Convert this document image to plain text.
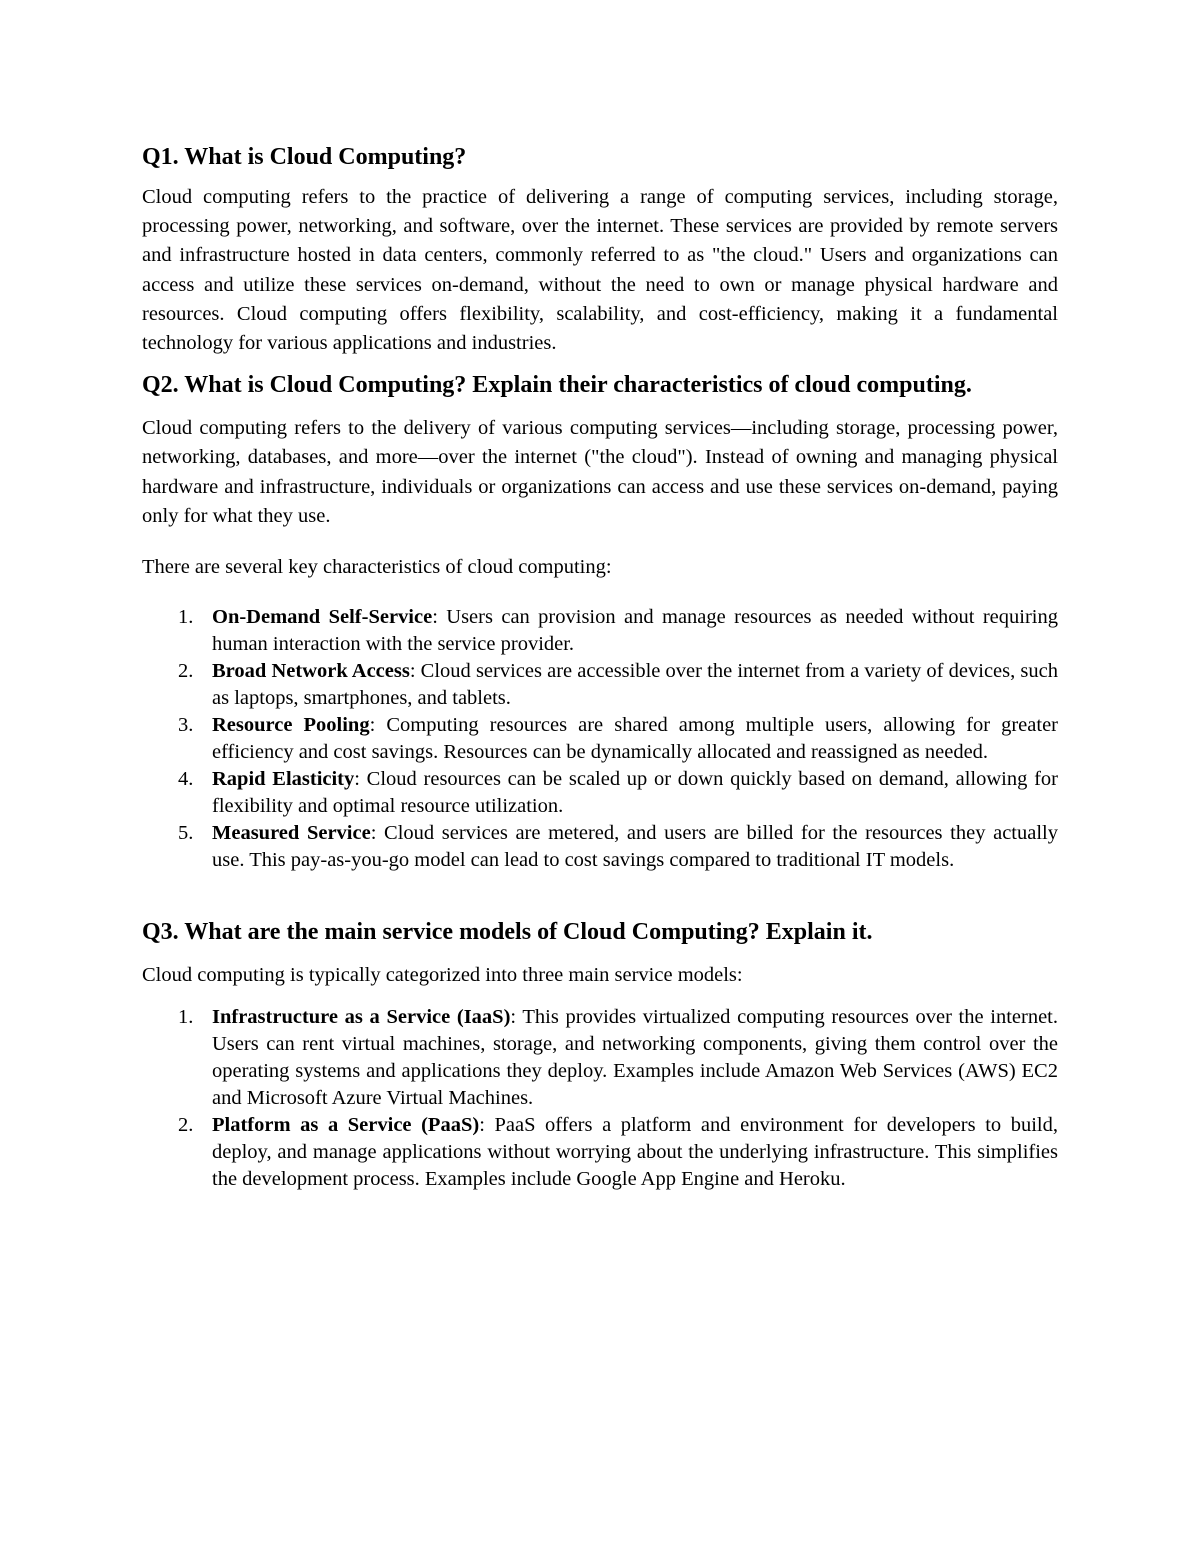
Q1. What is Cloud Computing?

Cloud computing refers to the practice of delivering a range of computing services, including storage, processing power, networking, and software, over the internet. These services are provided by remote servers and infrastructure hosted in data centers, commonly referred to as "the cloud." Users and organizations can access and utilize these services on-demand, without the need to own or manage physical hardware and resources. Cloud computing offers flexibility, scalability, and cost-efficiency, making it a fundamental technology for various applications and industries.

Q2. What is Cloud Computing? Explain their characteristics of cloud computing.

Cloud computing refers to the delivery of various computing services—including storage, processing power, networking, databases, and more—over the internet ("the cloud"). Instead of owning and managing physical hardware and infrastructure, individuals or organizations can access and use these services on-demand, paying only for what they use.

There are several key characteristics of cloud computing:

1. On-Demand Self-Service: Users can provision and manage resources as needed without requiring human interaction with the service provider.
2. Broad Network Access: Cloud services are accessible over the internet from a variety of devices, such as laptops, smartphones, and tablets.
3. Resource Pooling: Computing resources are shared among multiple users, allowing for greater efficiency and cost savings. Resources can be dynamically allocated and reassigned as needed.
4. Rapid Elasticity: Cloud resources can be scaled up or down quickly based on demand, allowing for flexibility and optimal resource utilization.
5. Measured Service: Cloud services are metered, and users are billed for the resources they actually use. This pay-as-you-go model can lead to cost savings compared to traditional IT models.
Q3. What are the main service models of Cloud Computing? Explain it.

Cloud computing is typically categorized into three main service models:

1. Infrastructure as a Service (IaaS): This provides virtualized computing resources over the internet. Users can rent virtual machines, storage, and networking components, giving them control over the operating systems and applications they deploy. Examples include Amazon Web Services (AWS) EC2 and Microsoft Azure Virtual Machines.
2. Platform as a Service (PaaS): PaaS offers a platform and environment for developers to build, deploy, and manage applications without worrying about the underlying infrastructure. This simplifies the development process. Examples include Google App Engine and Heroku.
